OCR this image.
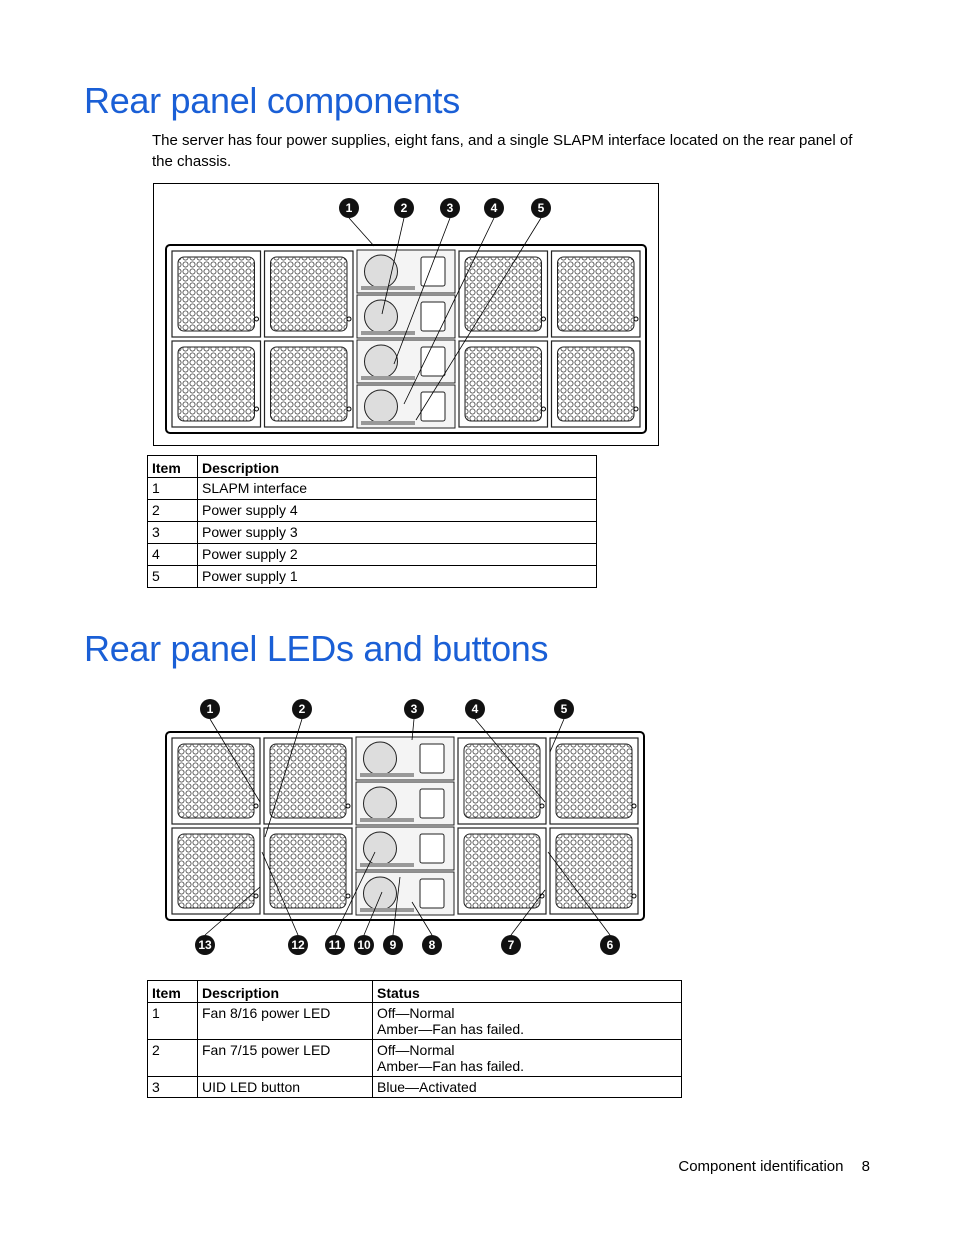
Rear panel components

The server has four power supplies, eight fans, and a single SLAPM interface located on the rear panel of the chassis.

1	2	3	4	5
Item	Description
1	SLAPM interface
2	Power supply 4
3	Power supply 3
4	Power supply 2
5	Power supply 1
Rear panel LEDs and buttons
1	2	3	4	5
13	12 11 10 9	8	7	6
Item	Description	Status
1	Fan 8/16 power LED	Off—Normal
Amber—Fan has failed.

2	Fan 7/15 power LED	Off—Normal
Amber—Fan has failed.

3	UID LED button	Blue—Activated
Component identification 8
